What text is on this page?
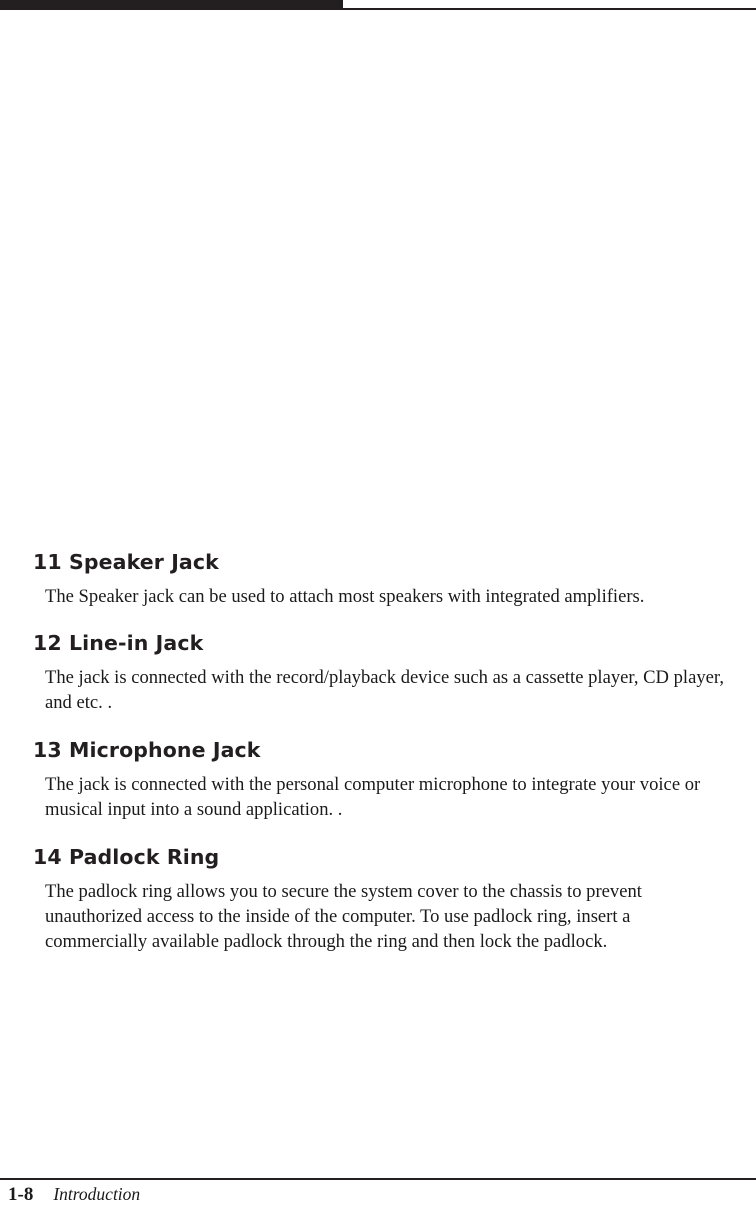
11 Speaker Jack

The Speaker jack can be used to attach most speakers with integrated amplifiers.

12 Line-in Jack

The jack is connected with the record/playback device such as a cassette player, CD player, and etc. .

13 Microphone Jack

The jack is connected with the personal computer microphone to integrate your voice or musical input into a sound application. .

14 Padlock Ring

The padlock ring allows you to secure the system cover to the chassis to prevent unauthorized access to the inside of the computer. To use padlock ring, insert a commercially available padlock through the ring and then lock the padlock.

1-8	Introduction
